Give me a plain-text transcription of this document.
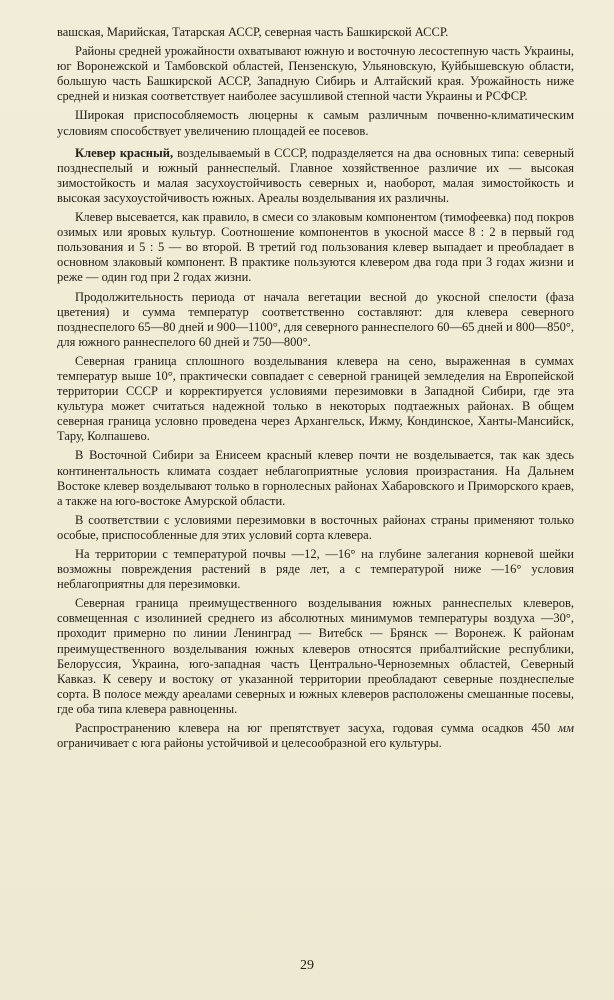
вашская, Марийская, Татарская АССР, северная часть Башкирской АССР.

Районы средней урожайности охватывают южную и восточную лесостепную часть Украины, юг Воронежской и Тамбовской областей, Пензенскую, Ульяновскую, Куйбышевскую области, большую часть Башкирской АССР, Западную Сибирь и Алтайский края. Урожайность ниже средней и низкая соответствует наиболее засушливой степной части Украины и РСФСР.

Широкая приспособляемость люцерны к самым различным почвенно-климатическим условиям способствует увеличению площадей ее посевов.

Клевер красный, возделываемый в СССР, подразделяется на два основных типа: северный позднеспелый и южный раннеспелый. Главное хозяйственное различие их — высокая зимостойкость и малая засухоустойчивость северных и, наоборот, малая зимостойкость и высокая засухоустойчивость южных. Ареалы возделывания их различны.

Клевер высевается, как правило, в смеси со злаковым компонентом (тимофеевка) под покров озимых или яровых культур. Соотношение компонентов в укосной массе 8 : 2 в первый год пользования и 5 : 5 — во второй. В третий год пользования клевер выпадает и преобладает в основном злаковый компонент. В практике пользуются клевером два года при 3 годах жизни и реже — один год при 2 годах жизни.

Продолжительность периода от начала вегетации весной до укосной спелости (фаза цветения) и сумма температур соответственно составляют: для клевера северного позднеспелого 65—80 дней и 900—1100°, для северного раннеспелого 60—65 дней и 800—850°, для южного раннеспелого 60 дней и 750—800°.

Северная граница сплошного возделывания клевера на сено, выраженная в суммах температур выше 10°, практически совпадает с северной границей земледелия на Европейской территории СССР и корректируется условиями перезимовки в Западной Сибири, где эта культура может считаться надежной только в некоторых подтаежных районах. В общем северная граница условно проведена через Архангельск, Ижму, Кондинское, Ханты-Мансийск, Тару, Колпашево.

В Восточной Сибири за Енисеем красный клевер почти не возделывается, так как здесь континентальность климата создает неблагоприятные условия произрастания. На Дальнем Востоке клевер возделывают только в горнолесных районах Хабаровского и Приморского краев, а также на юго-востоке Амурской области.

В соответствии с условиями перезимовки в восточных районах страны применяют только особые, приспособленные для этих условий сорта клевера.

На территории с температурой почвы —12, —16° на глубине залегания корневой шейки возможны повреждения растений в ряде лет, а с температурой ниже —16° условия неблагоприятны для перезимовки.

Северная граница преимущественного возделывания южных раннеспелых клеверов, совмещенная с изолинией среднего из абсолютных минимумов температуры воздуха —30°, проходит примерно по линии Ленинград — Витебск — Брянск — Воронеж. К районам преимущественного возделывания южных клеверов относятся прибалтийские республики, Белоруссия, Украина, юго-западная часть Центрально-Черноземных областей, Северный Кавказ. К северу и востоку от указанной территории преобладают северные позднеспелые сорта. В полосе между ареалами северных и южных клеверов расположены смешанные посевы, где оба типа клевера равноценны.

Распространению клевера на юг препятствует засуха, годовая сумма осадков 450 мм ограничивает с юга районы устойчивой и целесообразной его культуры.

29
